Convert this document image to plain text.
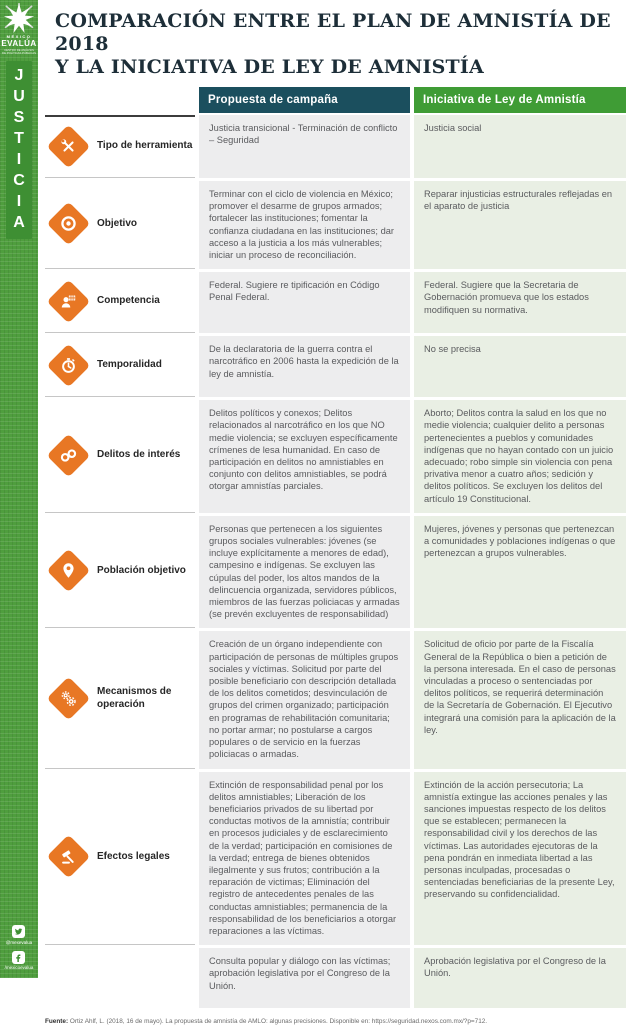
MÉXICO
EVALÚA
CENTRO DE ANÁLISIS DE POLÍTICAS PÚBLICAS
J
U
S
T
I
C
I
A
@mexevalua
/mexicoevalua
COMPARACIÓN ENTRE EL PLAN DE AMNISTÍA DE 2018
Y LA INICIATIVA DE LEY DE AMNISTÍA
Propuesta de campaña	Iniciativa de Ley de Amnistía
Tipo de herramienta
Justicia transicional - Terminación de conflicto – Seguridad
Justicia social
Objetivo
Terminar con el ciclo de violencia en México; promover el desarme de grupos armados; fortalecer las instituciones; fomentar la confianza ciudadana en las instituciones; dar acceso a la justicia a los más vulnerables; iniciar un proceso de reconciliación.
Reparar injusticias estructurales reflejadas en el aparato de justicia
Competencia
Federal. Sugiere re tipificación en Código Penal Federal.
Federal. Sugiere que la Secretaria de Gobernación promueva que los estados modifiquen su normativa.
Temporalidad
De la declaratoria de la guerra contra el narcotráfico en 2006 hasta la expedición de la ley de amnistía.
No se precisa
Delitos de interés
Delitos políticos y conexos; Delitos relacionados al narcotráfico en los que NO medie violencia; se excluyen específicamente crímenes de lesa humanidad. En caso de participación en delitos no amnistiables en conjunto con delitos amnistiables, se podrá otorgar amnistías parciales.
Aborto; Delitos contra la salud en los que no medie violencia; cualquier delito a personas pertenecientes a pueblos y comunidades indígenas que no hayan contado con un juicio adecuado; robo simple sin violencia con pena privativa menor a cuatro años; sedición y delitos políticos. Se excluyen los delitos del artículo 19 Constitucional.
Población objetivo
Personas que pertenecen a los siguientes grupos sociales vulnerables: jóvenes (se incluye explícitamente a menores de edad), campesino e indígenas. Se excluyen las cúpulas del poder, los altos mandos de la delincuencia organizada, servidores públicos, miembros de las fuerzas policiacas y armadas (se prevén excluyentes de responsabilidad)
Mujeres, jóvenes y personas que pertenezcan a comunidades y poblaciones indígenas o que pertenezcan a grupos vulnerables.
Mecanismos de operación
Creación de un órgano independiente con participación de personas de múltiples grupos sociales y víctimas. Solicitud por parte del posible beneficiario con descripción detallada de los delitos cometidos; desvinculación de grupos del crimen organizado; participación en programas de rehabilitación comunitaria; no portar armar; no postularse a cargos populares o de servicio en la fuerzas policiacas o armadas.
Solicitud de oficio por parte de la Fiscalía General de la República o bien a petición de la persona interesada. En el caso de personas vinculadas a proceso o sentenciadas por delitos políticos, se requerirá determinación de la Secretaría de Gobernación. El Ejecutivo integrará una comisión para la aplicación de la ley.
Efectos legales
Extinción de responsabilidad penal por los delitos amnistiables; Liberación de los beneficiarios privados de su libertad por conductas motivos de la amnistía; contribuir en procesos judiciales y de esclarecimiento de la verdad; participación en comisiones de la verdad; entrega de bienes obtenidos ilegalmente y sus frutos; contribución a la reparación de victimas; Eliminación del registro de antecedentes penales de las conductas amnistiables; permanencia de la responsabilidad de los beneficiarios a otorgar reparaciones a las víctimas.
Extinción de la acción persecutoria; La amnistía extingue las acciones penales y las sanciones impuestas respecto de los delitos que se establecen; permanecen la responsabilidad civil y los derechos de las víctimas. Las autoridades ejecutoras de la pena pondrán en inmediata libertad a las personas inculpadas, procesadas o sentenciadas beneficiarias de la presente Ley, preservando su confidencialidad.
Consulta popular y diálogo con las víctimas; aprobación legislativa por el Congreso de la Unión.
Aprobación legislativa por el Congreso de la Unión.
Fuente: Ortiz Ahlf, L. (2018, 16 de mayo). La propuesta de amnistía de AMLO: algunas precisiones. Disponible en: https://seguridad.nexos.com.mx/?p=712.
